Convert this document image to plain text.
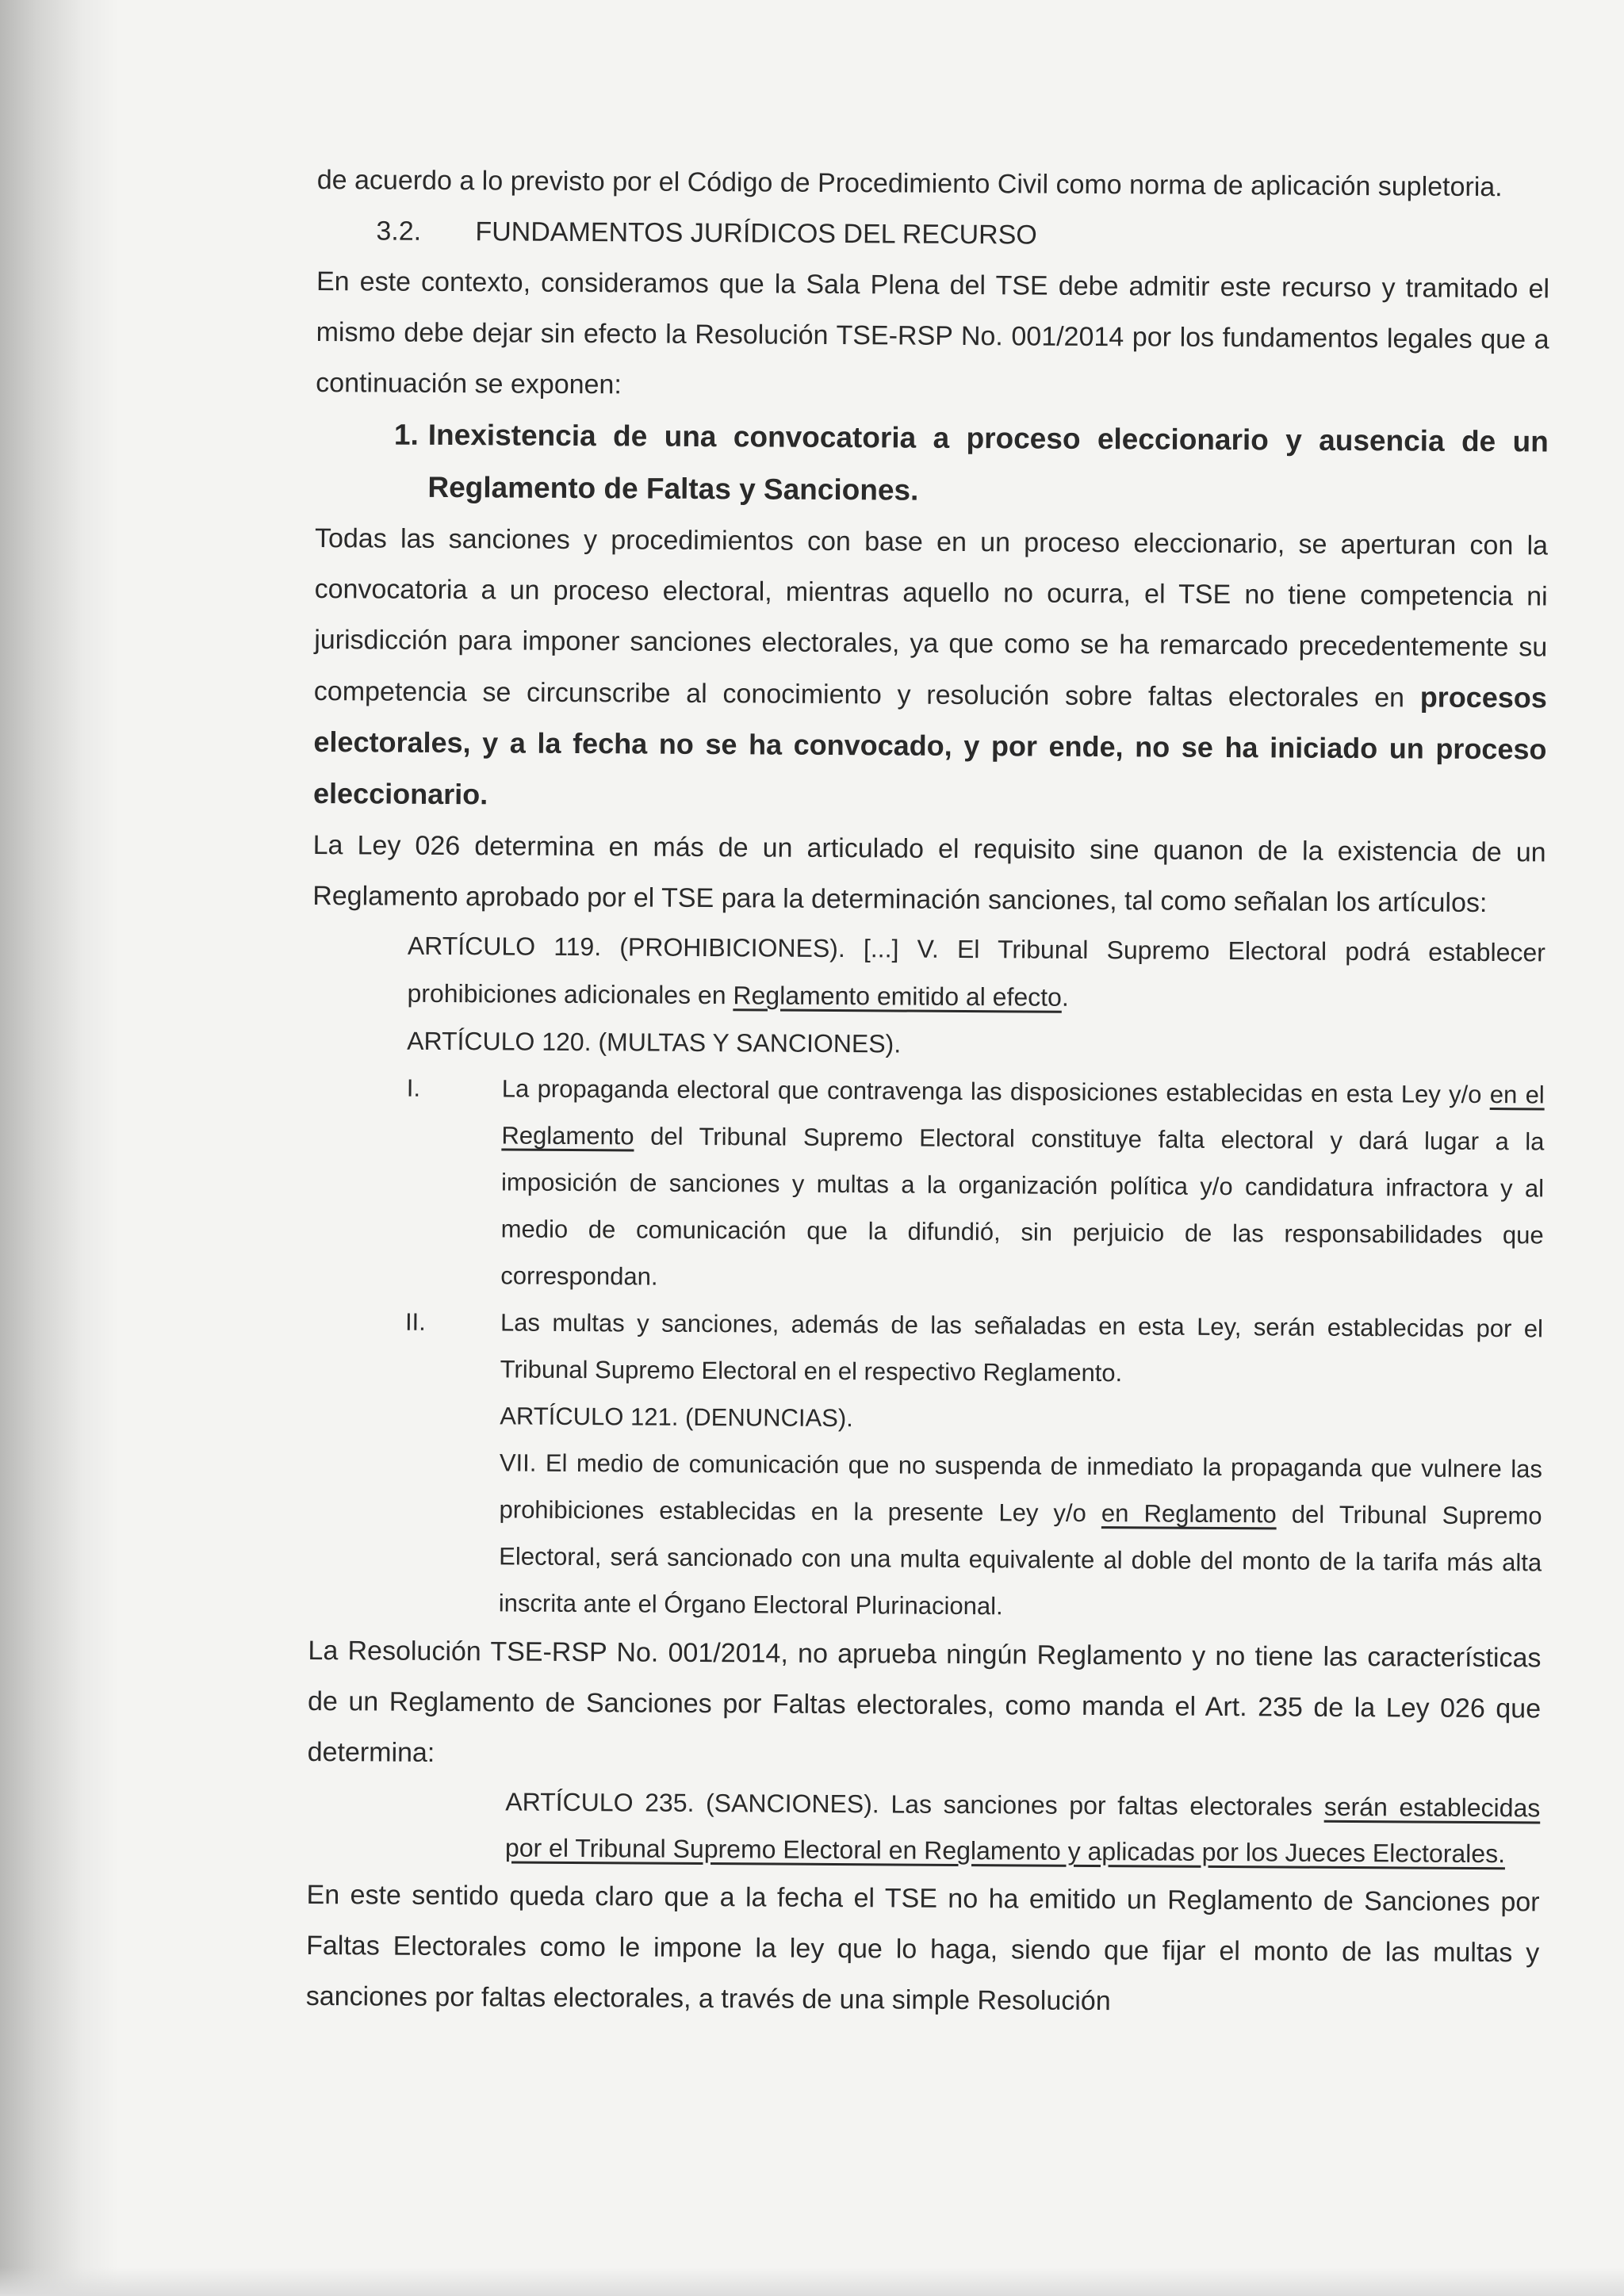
de acuerdo a lo previsto por el Código de Procedimiento Civil como norma de aplicación supletoria.

3.2. FUNDAMENTOS JURÍDICOS DEL RECURSO

En este contexto, consideramos que la Sala Plena del TSE debe admitir este recurso y tramitado el mismo debe dejar sin efecto la Resolución TSE-RSP No. 001/2014 por los fundamentos legales que a continuación se exponen:

1. Inexistencia de una convocatoria a proceso eleccionario y ausencia de un Reglamento de Faltas y Sanciones.

Todas las sanciones y procedimientos con base en un proceso eleccionario, se aperturan con la convocatoria a un proceso electoral, mientras aquello no ocurra, el TSE no tiene competencia ni jurisdicción para imponer sanciones electorales, ya que como se ha remarcado precedentemente su competencia se circunscribe al conocimiento y resolución sobre faltas electorales en procesos electorales, y a la fecha no se ha convocado, y por ende, no se ha iniciado un proceso eleccionario.

La Ley 026 determina en más de un articulado el requisito sine quanon de la existencia de un Reglamento aprobado por el TSE para la determinación sanciones, tal como señalan los artículos:

ARTÍCULO 119. (PROHIBICIONES). [...] V. El Tribunal Supremo Electoral podrá establecer prohibiciones adicionales en Reglamento emitido al efecto.
ARTÍCULO 120. (MULTAS Y SANCIONES).
I.	La propaganda electoral que contravenga las disposiciones establecidas en esta Ley y/o en el Reglamento del Tribunal Supremo Electoral constituye falta electoral y dará lugar a la imposición de sanciones y multas a la organización política y/o candidatura infractora y al medio de comunicación que la difundió, sin perjuicio de las responsabilidades que correspondan.
II.	Las multas y sanciones, además de las señaladas en esta Ley, serán establecidas por el Tribunal Supremo Electoral en el respectivo Reglamento.
ARTÍCULO 121. (DENUNCIAS).
VII. El medio de comunicación que no suspenda de inmediato la propaganda que vulnere las prohibiciones establecidas en la presente Ley y/o en Reglamento del Tribunal Supremo Electoral, será sancionado con una multa equivalente al doble del monto de la tarifa más alta inscrita ante el Órgano Electoral Plurinacional.

La Resolución TSE-RSP No. 001/2014, no aprueba ningún Reglamento y no tiene las características de un Reglamento de Sanciones por Faltas electorales, como manda el Art. 235 de la Ley 026 que determina:

ARTÍCULO 235. (SANCIONES). Las sanciones por faltas electorales serán establecidas por el Tribunal Supremo Electoral en Reglamento y aplicadas por los Jueces Electorales.

En este sentido queda claro que a la fecha el TSE no ha emitido un Reglamento de Sanciones por Faltas Electorales como le impone la ley que lo haga, siendo que fijar el monto de las multas y sanciones por faltas electorales, a través de una simple Resolución
